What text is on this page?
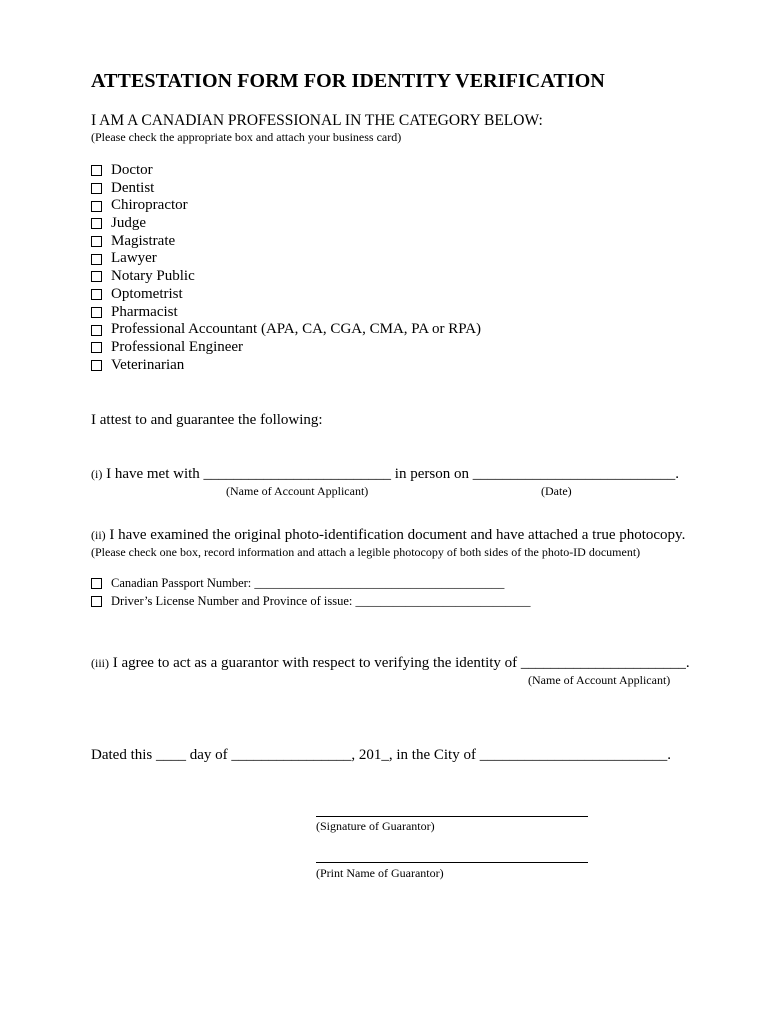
ATTESTATION FORM FOR IDENTITY VERIFICATION
I AM A CANADIAN PROFESSIONAL IN THE CATEGORY BELOW:
(Please check the appropriate box and attach your business card)
Doctor
Dentist
Chiropractor
Judge
Magistrate
Lawyer
Notary Public
Optometrist
Pharmacist
Professional Accountant (APA, CA, CGA, CMA, PA or RPA)
Professional Engineer
Veterinarian
I attest to and guarantee the following:
(i) I have met with _________________________ in person on ___________________________.
(Name of Account Applicant)	(Date)
(ii) I have examined the original photo-identification document and have attached a true photocopy.
(Please check one box, record information and attach a legible photocopy of both sides of the photo-ID document)
Canadian Passport Number: ________________________________________
Driver’s License Number and Province of issue: ____________________________
(iii) I agree to act as a guarantor with respect to verifying the identity of ______________________.
(Name of Account Applicant)
Dated this ____ day of ________________, 201_, in the City of _________________________.
(Signature of Guarantor)
(Print Name of Guarantor)
